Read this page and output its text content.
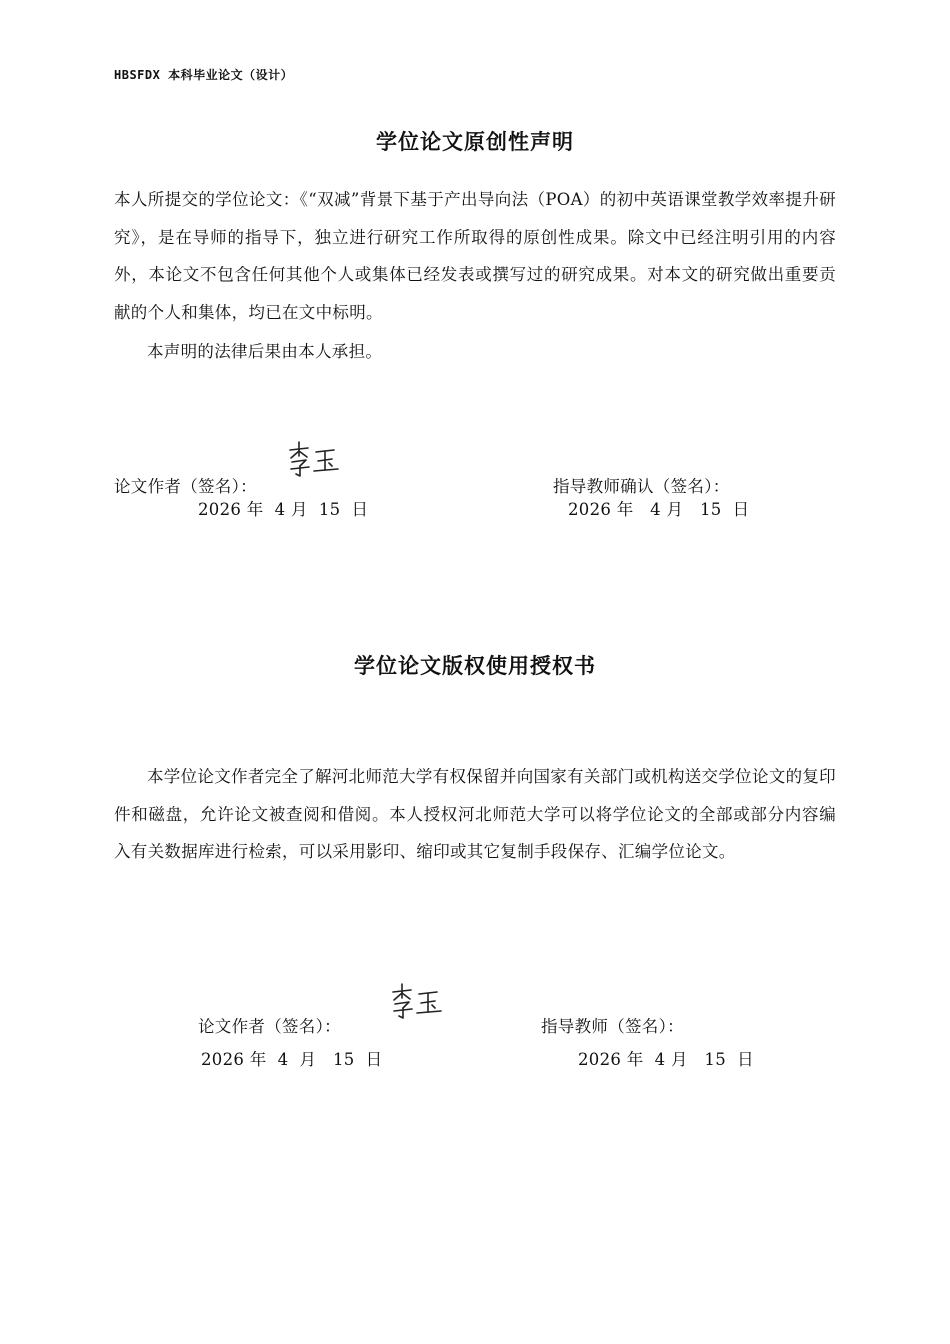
HBSFDX 本科毕业论文（设计）
学位论文原创性声明
本人所提交的学位论文：《“双减”背景下基于产出导向法（POA）的初中英语课堂教学效率提升研究》，是在导师的指导下，独立进行研究工作所取得的原创性成果。除文中已经注明引用的内容外，本论文不包含任何其他个人或集体已经发表或撰写过的研究成果。对本文的研究做出重要贡献的个人和集体，均已在文中标明。
本声明的法律后果由本人承担。
论文作者（签名）：
2026 年  4 月  15  日
指导教师确认（签名）：
2026 年   4 月   15  日
学位论文版权使用授权书
本学位论文作者完全了解河北师范大学有权保留并向国家有关部门或机构送交学位论文的复印件和磁盘，允许论文被查阅和借阅。本人授权河北师范大学可以将学位论文的全部或部分内容编入有关数据库进行检索，可以采用影印、缩印或其它复制手段保存、汇编学位论文。
论文作者（签名）：
2026 年  4  月   15  日
指导教师（签名）：
2026 年  4 月   15  日
